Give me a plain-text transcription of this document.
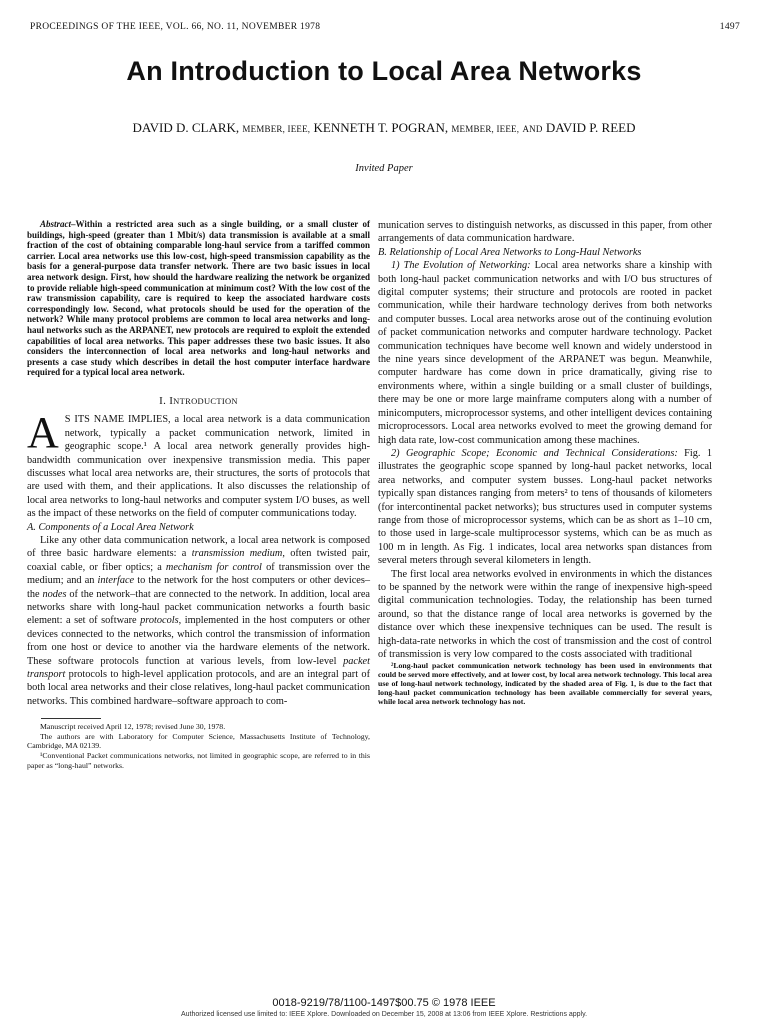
PROCEEDINGS OF THE IEEE, VOL. 66, NO. 11, NOVEMBER 1978	1497
An Introduction to Local Area Networks
DAVID D. CLARK, MEMBER, IEEE, KENNETH T. POGRAN, MEMBER, IEEE, AND DAVID P. REED
Invited Paper

Abstract–Within a restricted area such as a single building, or a small cluster of buildings, high-speed (greater than 1 Mbit/s) data transmission is available at a small fraction of the cost of obtaining comparable long-haul service from a tariffed common carrier. Local area networks use this low-cost, high-speed transmission capability as the basis for a general-purpose data transfer network. There are two basic issues in local area network design. First, how should the hardware realizing the network be organized to provide reliable high-speed communication at minimum cost? With the low cost of the raw transmission capability, care is required to keep the associated hardware costs correspondingly low. Second, what protocols should be used for the operation of the network? While many protocol problems are common to local area networks and long-haul networks such as the ARPANET, new protocols are required to exploit the extended capabilities of local area networks. This paper addresses these two basic issues. It also considers the interconnection of local area networks and long-haul networks and presents a case study which describes in detail the host computer interface hardware required for a typical local area network.

I. INTRODUCTION
A S ITS NAME IMPLIES, a local area network is a data communication network, typically a packet communication network, limited in geographic scope.¹ A local area network generally provides high-bandwidth communication over inexpensive transmission media. This paper discusses what local area networks are, their structures, the sorts of protocols that are used with them, and their applications. It also discusses the relationship of local area networks to long-haul networks and computer system I/O buses, as well as the impact of these networks on the field of computer communications today.

A. Components of a Local Area Network

Like any other data communication network, a local area network is composed of three basic hardware elements: a transmission medium, often twisted pair, coaxial cable, or fiber optics; a mechanism for control of transmission over the medium; and an interface to the network for the host computers or other devices–the nodes of the network–that are connected to the network. In addition, local area networks share with long-haul packet communication networks a fourth basic element: a set of software protocols, implemented in the host computers or other devices connected to the networks, which control the transmission of information from one host or device to another via the hardware elements of the network. These software protocols function at various levels, from low-level packet transport protocols to high-level application protocols, and are an integral part of both local area networks and their close relatives, long-haul packet communication networks. This combined hardware–software approach to com-

Manuscript received April 12, 1978; revised June 30, 1978.

The authors are with Laboratory for Computer Science, Massachusetts Institute of Technology, Cambridge, MA 02139.

¹Conventional Packet communications networks, not limited in geographic scope, are referred to in this paper as “long-haul” networks.

munication serves to distinguish networks, as discussed in this paper, from other arrangements of data communication hardware.

B. Relationship of Local Area Networks to Long-Haul Networks

1) The Evolution of Networking: Local area networks share a kinship with both long-haul packet communication networks and with I/O bus structures of digital computer systems; their structure and protocols are rooted in packet communication, while their hardware technology derives from both networks and computer busses. Local area networks arose out of the continuing evolution of packet communication networks and computer hardware technology. Packet communication techniques have become well known and widely understood in the nine years since development of the ARPANET was begun. Meanwhile, computer hardware has come down in price dramatically, giving rise to environments where, within a single building or a small cluster of buildings, there may be one or more large mainframe computers along with a number of minicomputers, microprocessor systems, and other intelligent devices containing microprocessors. Local area networks evolved to meet the growing demand for high data rate, low-cost communication among these machines.

2) Geographic Scope; Economic and Technical Considerations: Fig. 1 illustrates the geographic scope spanned by long-haul packet networks, local area networks, and computer system busses. Long-haul packet networks typically span distances ranging from meters² to tens of thousands of kilometers (for intercontinental packet networks); bus structures used in computer systems range from those of microprocessor systems, which can be as short as 1–10 cm, to those used in large-scale multiprocessor systems, which can be as much as 100 m in length. As Fig. 1 indicates, local area networks span distances from several meters through several kilometers in length.

The first local area networks evolved in environments in which the distances to be spanned by the network were within the range of inexpensive high-speed digital communication technologies. Today, the relationship has been turned around, so that the distance range of local area networks is governed by the distance over which these inexpensive techniques can be used. The result is high-data-rate networks in which the cost of transmission and the cost of control of transmission is very low compared to the costs associated with traditional

²Long-haul packet communication network technology has been used in environments that could be served more effectively, and at lower cost, by local area network technology. This local area use of long-haul network technology, indicated by the shaded area of Fig. 1, is due to the fact that long-haul packet communication technology has been available commercially for several years, while local area network technology has not.

0018-9219/78/1100-1497$00.75 © 1978 IEEE
Authorized licensed use limited to: IEEE Xplore. Downloaded on December 15, 2008 at 13:06 from IEEE Xplore. Restrictions apply.
